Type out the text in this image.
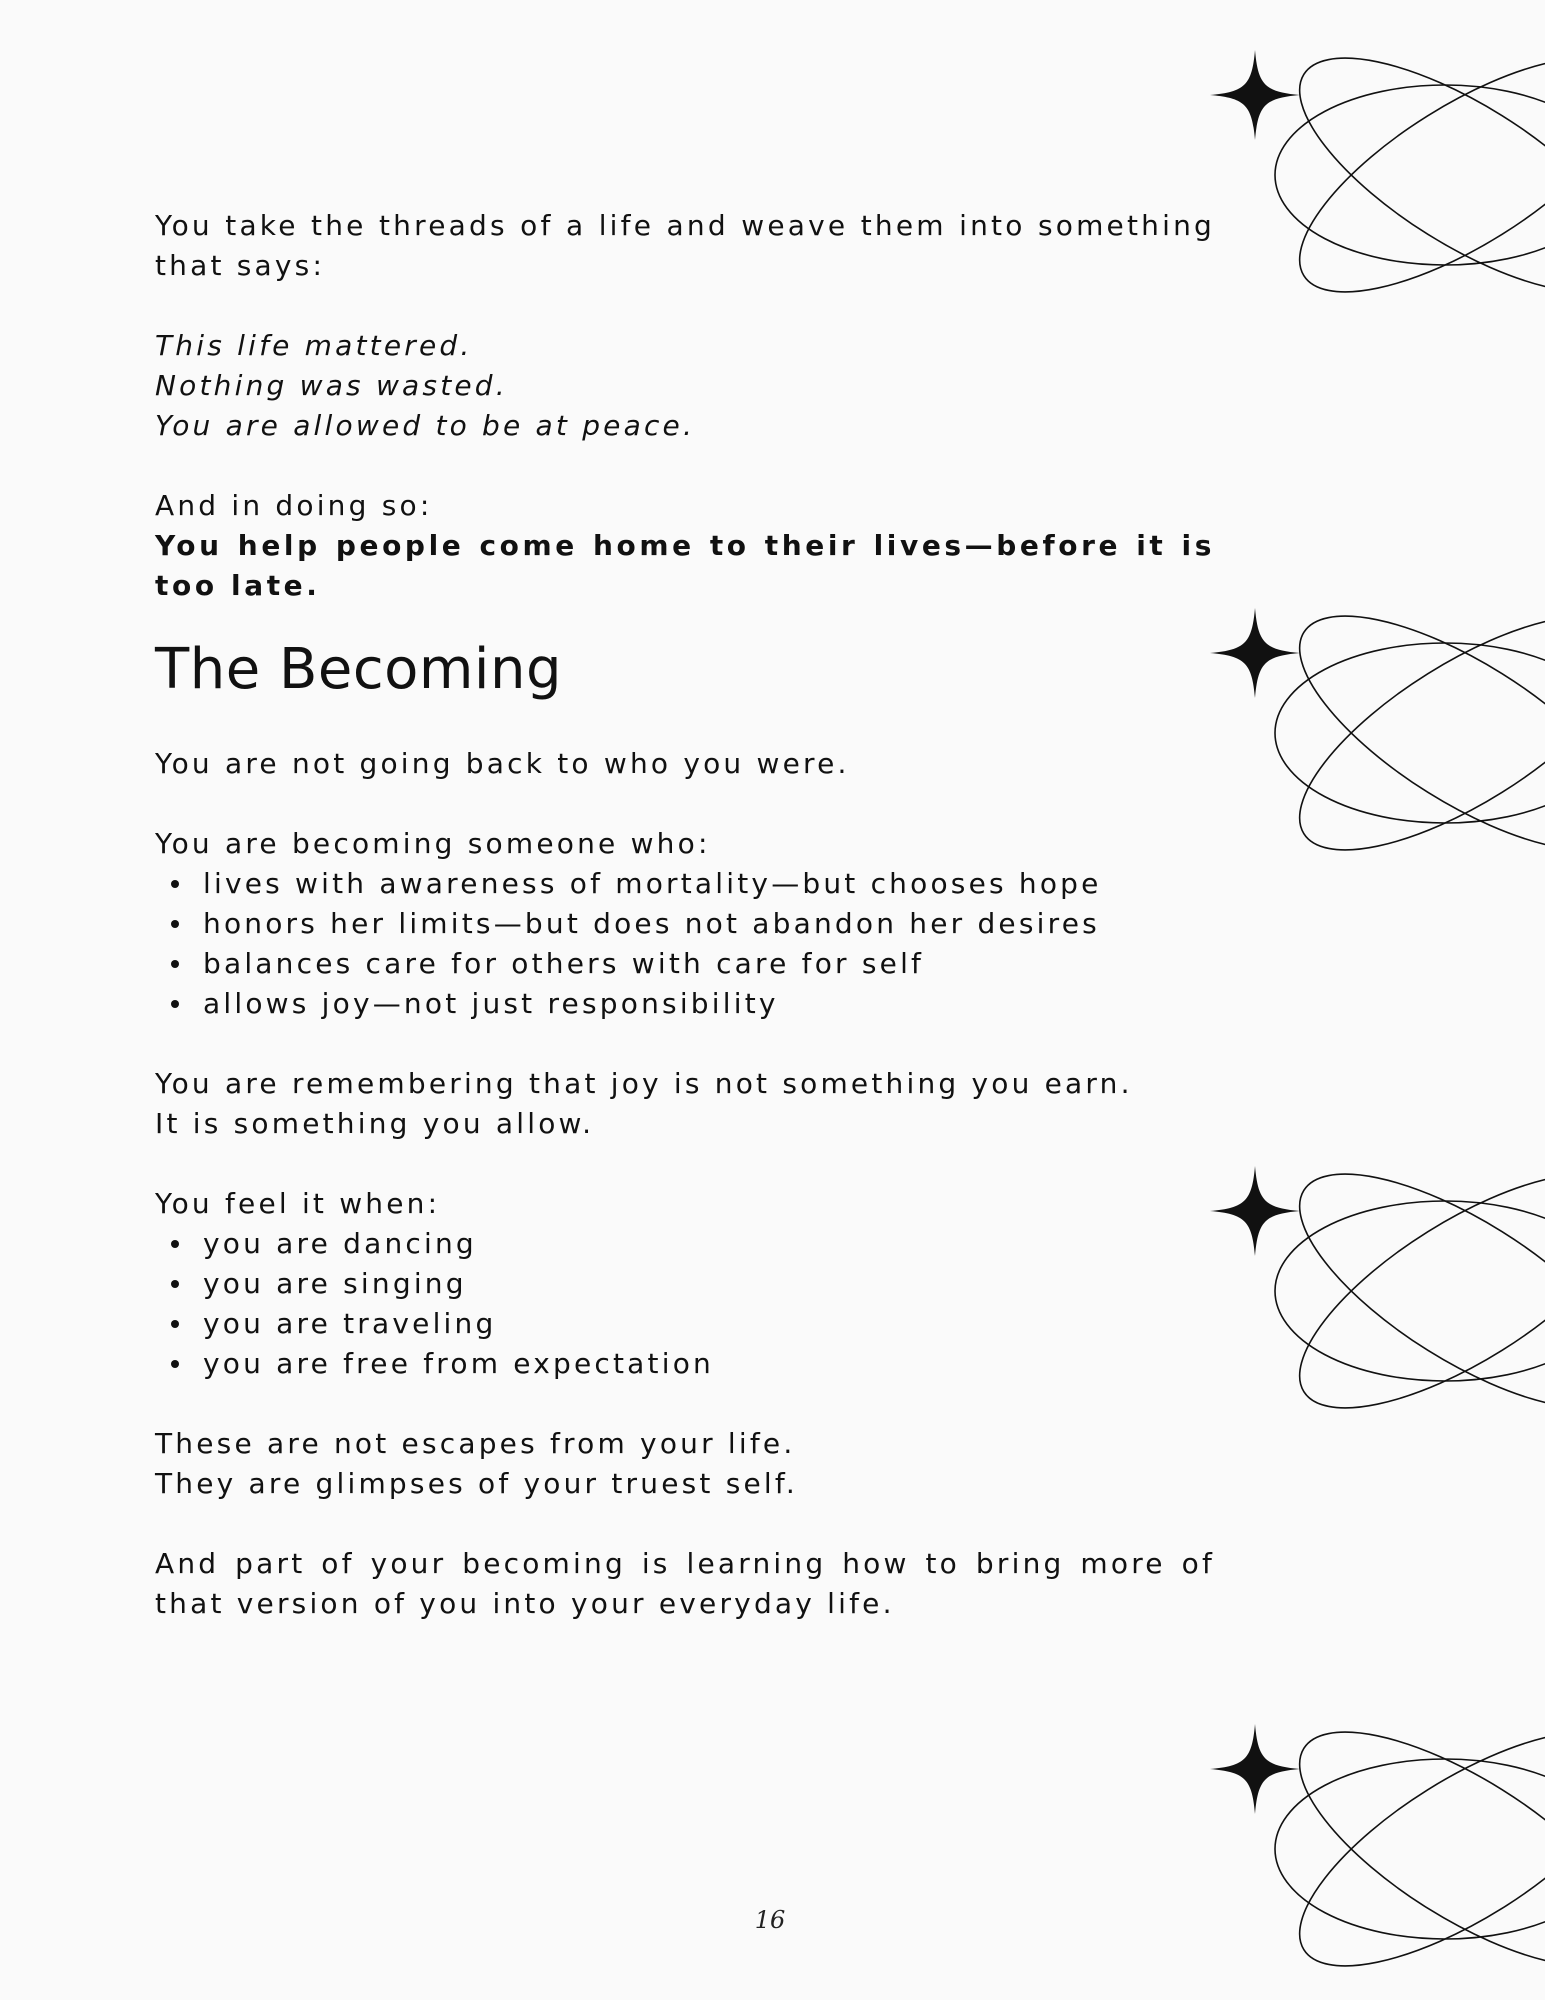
You take the threads of a life and weave them into something that says:

This life mattered.

Nothing was wasted.

You are allowed to be at peace.

And in doing so:

You help people come home to their lives—before it is too late.

The Becoming

You are not going back to who you were.

You are becoming someone who:

lives with awareness of mortality—but chooses hope
honors her limits—but does not abandon her desires
balances care for others with care for self
allows joy—not just responsibility

You are remembering that joy is not something you earn.

It is something you allow.

You feel it when:

you are dancing
you are singing
you are traveling
you are free from expectation

These are not escapes from your life.

They are glimpses of your truest self.

And part of your becoming is learning how to bring more of that version of you into your everyday life.

16
